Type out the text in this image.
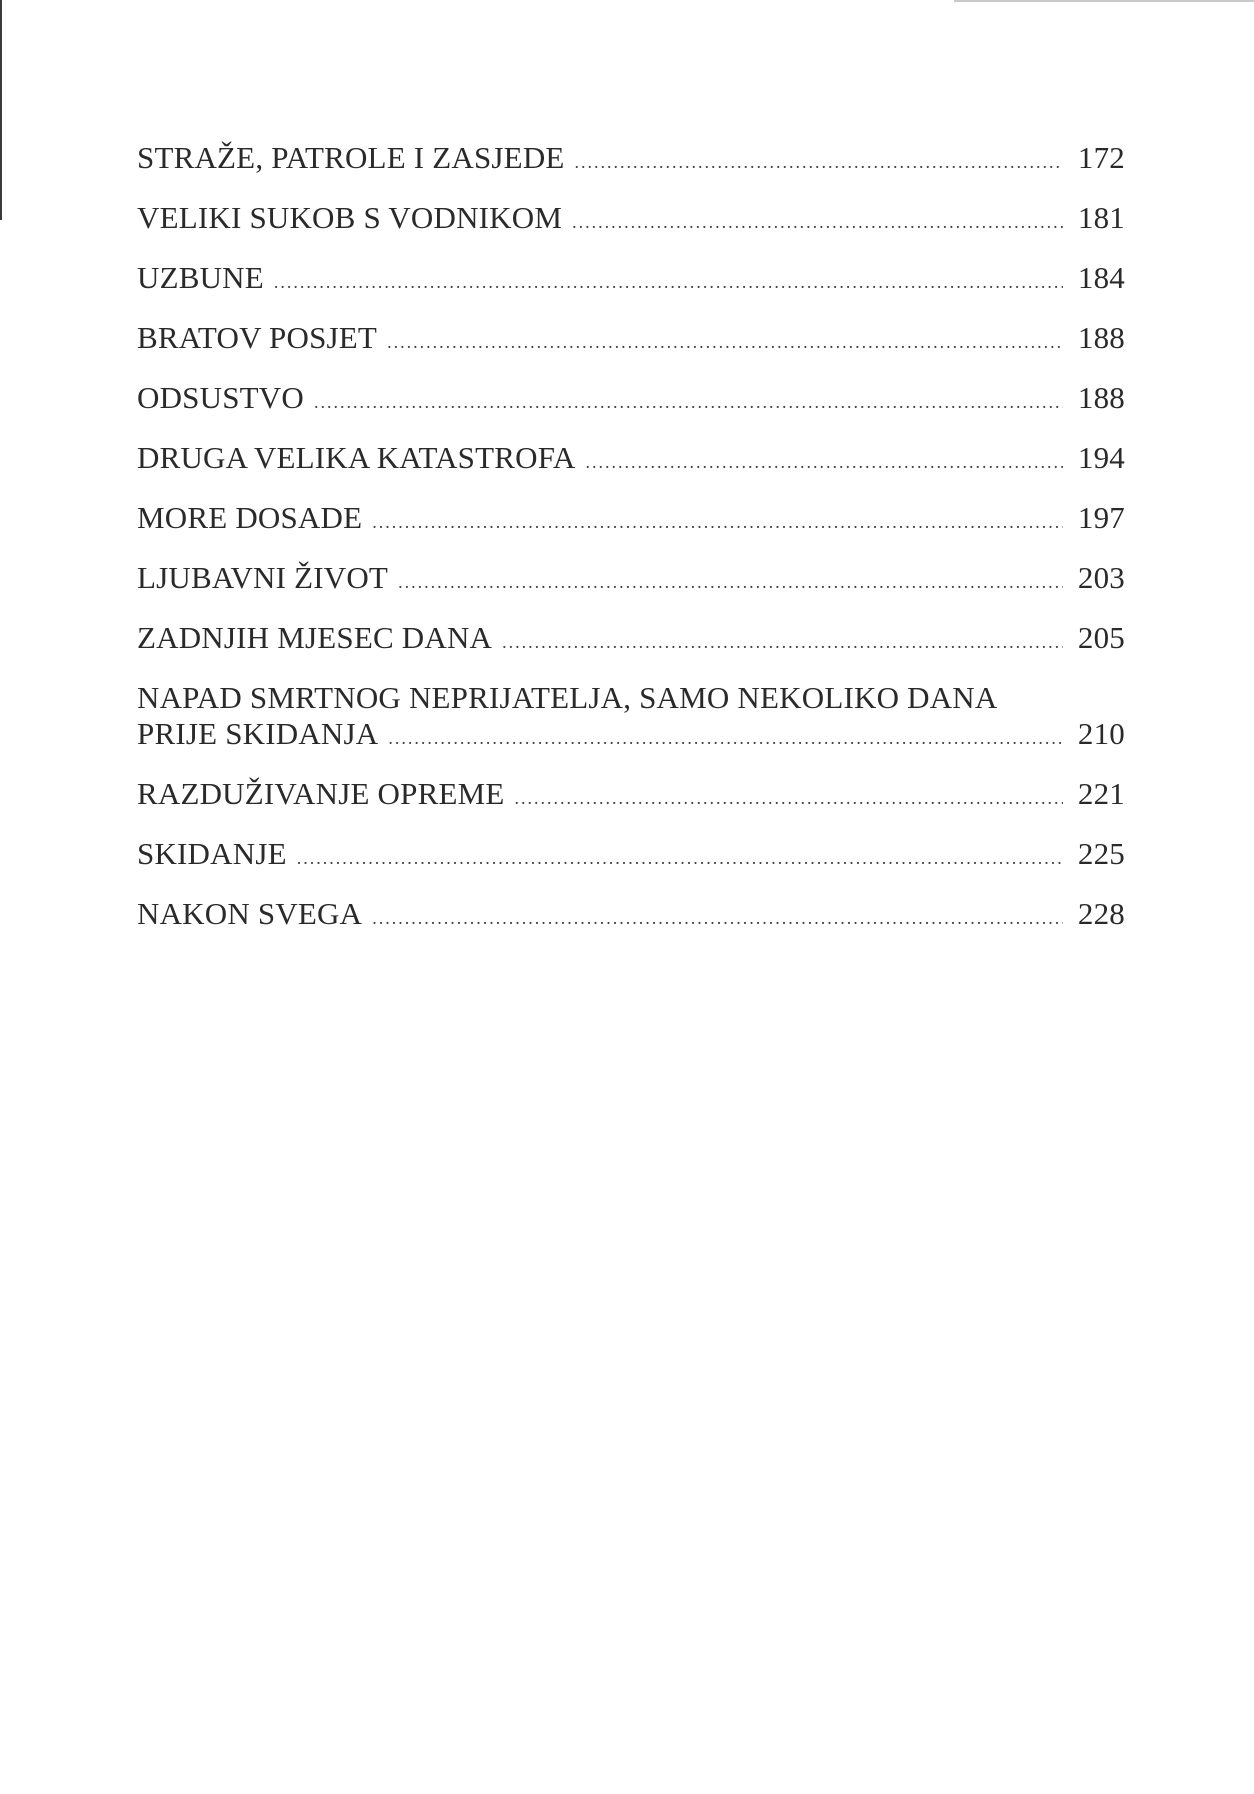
STRAŽE, PATROLE I ZASJEDE .....	172
VELIKI SUKOB S VODNIKOM .....	181
UZBUNE .....	184
BRATOV POSJET .....	188
ODSUSTVO .....	188
DRUGA VELIKA KATASTROFA .....	194
MORE DOSADE .....	197
LJUBAVNI ŽIVOT .....	203
ZADNJIH MJESEC DANA .....	205
NAPAD SMRTNOG NEPRIJATELJA, SAMO NEKOLIKO DANA
PRIJE SKIDANJA .....	210
RAZDUŽIVANJE OPREME .....	221
SKIDANJE .....	225
NAKON SVEGA .....	228
